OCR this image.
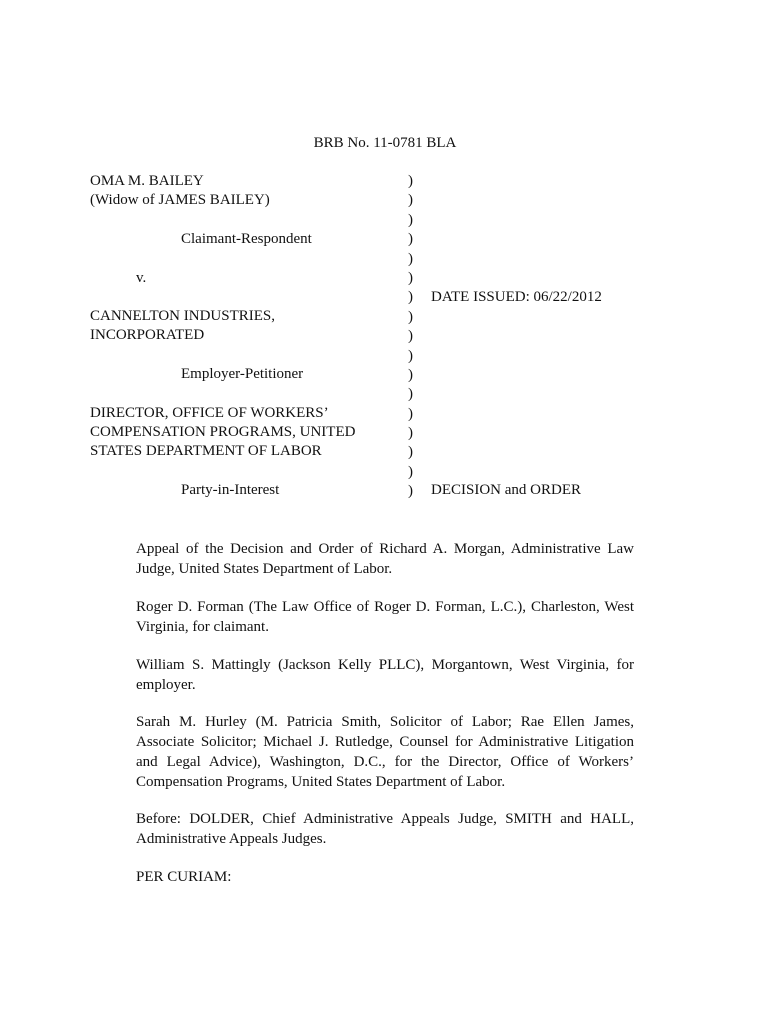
BRB No. 11-0781 BLA
OMA M. BAILEY
(Widow of JAMES BAILEY)
Claimant-Respondent
v.
CANNELTON INDUSTRIES,
INCORPORATED
Employer-Petitioner
DIRECTOR, OFFICE OF WORKERS’
COMPENSATION PROGRAMS, UNITED
STATES DEPARTMENT OF LABOR
Party-in-Interest
)
)
)
)
)
)
)
)
)
)
)
)
)
)
)
)
)
DATE ISSUED: 06/22/2012
DECISION and ORDER
Appeal of the Decision and Order of Richard A. Morgan, Administrative Law Judge, United States Department of Labor.
Roger D. Forman (The Law Office of Roger D. Forman, L.C.), Charleston, West Virginia, for claimant.
William S. Mattingly (Jackson Kelly PLLC), Morgantown, West Virginia, for employer.
Sarah M. Hurley (M. Patricia Smith, Solicitor of Labor; Rae Ellen James, Associate Solicitor; Michael J. Rutledge, Counsel for Administrative Litigation and Legal Advice), Washington, D.C., for the Director, Office of Workers’ Compensation Programs, United States Department of Labor.
Before: DOLDER, Chief Administrative Appeals Judge, SMITH and HALL, Administrative Appeals Judges.
PER CURIAM:
